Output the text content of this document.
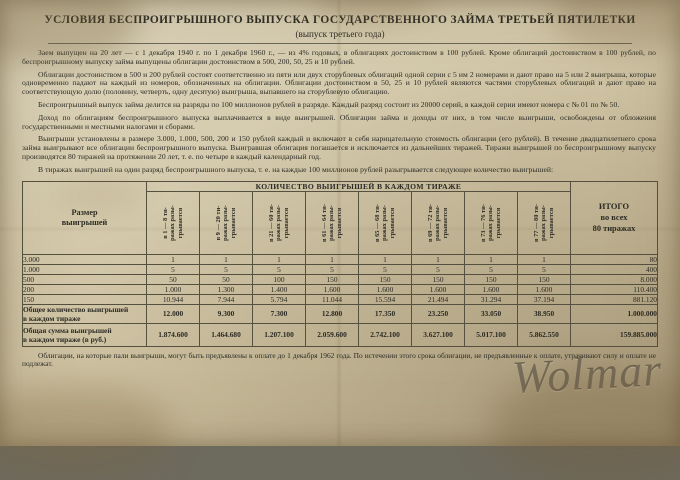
УСЛОВИЯ БЕСПРОИГРЫШНОГО ВЫПУСКА ГОСУДАРСТВЕННОГО ЗАЙМА ТРЕТЬЕЙ ПЯТИЛЕТКИ
(выпуск третьего года)

Заем выпущен на 20 лет — с 1 декабря 1940 г. по 1 декабря 1960 г., — из 4% годовых, в облигациях достоинством в 100 рублей. Кроме облигаций достоинством в 100 рублей, по беспроигрышному выпуску займа выпущены облигации достоинством в 500, 200, 50, 25 и 10 рублей.

Облигации достоинством в 500 и 200 рублей состоят соответственно из пяти или двух сторублевых облигаций одной серии с 5 им 2 номерами и дают право на 5 или 2 выигрыша, которые одновременно падают на каждый из номеров, обозначенных на облигации. Облигации достоинством в 50, 25 и 10 рублей являются частями сторублевых облигаций и дают право на соответствующую долю (половину, четверть, одну десятую) выигрыша, выпавшего на сторублевую облигацию.

Беспроигрышный выпуск займа делится на разряды по 100 миллионов рублей в разряде. Каждый разряд состоит из 20000 серий, в каждой серии имеют номера с № 01 по № 50.

Доход по облигациям беспроигрышного выпуска выплачивается в виде выигрышей. Облигации займа и доходы от них, в том числе выигрыши, освобождены от обложения государственными и местными налогами и сборами.

Выигрыши установлены в размере 3.000, 1.000, 500, 200 и 150 рублей каждый и включают в себя нарицательную стоимость облигации (его рублей). В течение двадцатилетнего срока займа выигрывают все облигации беспроигрышного выпуска. Выигравшая облигация погашается и исключается из дальнейших тиражей. Тиражи выигрышей по беспроигрышному выпуску производятся 80 тиражей на протяжении 20 лет, т. е. по четыре в каждый календарный год.

В тиражах выигрышей на один разряд беспроигрышного выпуска, т. е. на каждые 100 миллионов рублей разыгрывается следующее количество выигрышей:

Размер
выигрышей	КОЛИЧЕСТВО ВЫИГРЫШЕЙ В КАЖДОМ ТИРАЖЕ								ИТОГО
во всех
80 тиражах

	в 1 — 8 ти- ражах разы- грывается	в 9 — 20 ти- ражах разы- грывается	в 21 — 60 ти- ражах разы- грывается	в 61 — 64 ти- ражах разы- грывается	в 65 — 68 ти- ражах разы- грывается	в 69 — 72 ти- ражах разы- грывается	в 73 — 76 ти- ражах разы- грывается	в 77 — 80 ти- ражах разы- грывается	

3.000	1	1	1	1	1	1	1	1	80
1.000	5	5	5	5	5	5	5	5	400
500	50	50	100	150	150	150	150	150	8.000
200	1.000	1.300	1.400	1.600	1.600	1.600	1.600	1.600	110.400
150	10.944	7.944	5.794	11.044	15.594	21.494	31.294	37.194	881.120
Общее количество выигрышей
в каждом тираже	12.000	9.300	7.300	12.800	17.350	23.250	33.050	38.950	1.000.000
Общая сумма выигрышей
в каждом тираже (в руб.)	1.874.600	1.464.680	1.207.100	2.059.600	2.742.100	3.627.100	5.017.100	5.862.550	159.885.000

Облигации, на которые пали выигрыши, могут быть предъявлены к оплате до 1 декабря 1962 года. По истечении этого срока облигации, не предъявленные к оплате, утрачивают силу и оплате не подлежат.	Wolmar
